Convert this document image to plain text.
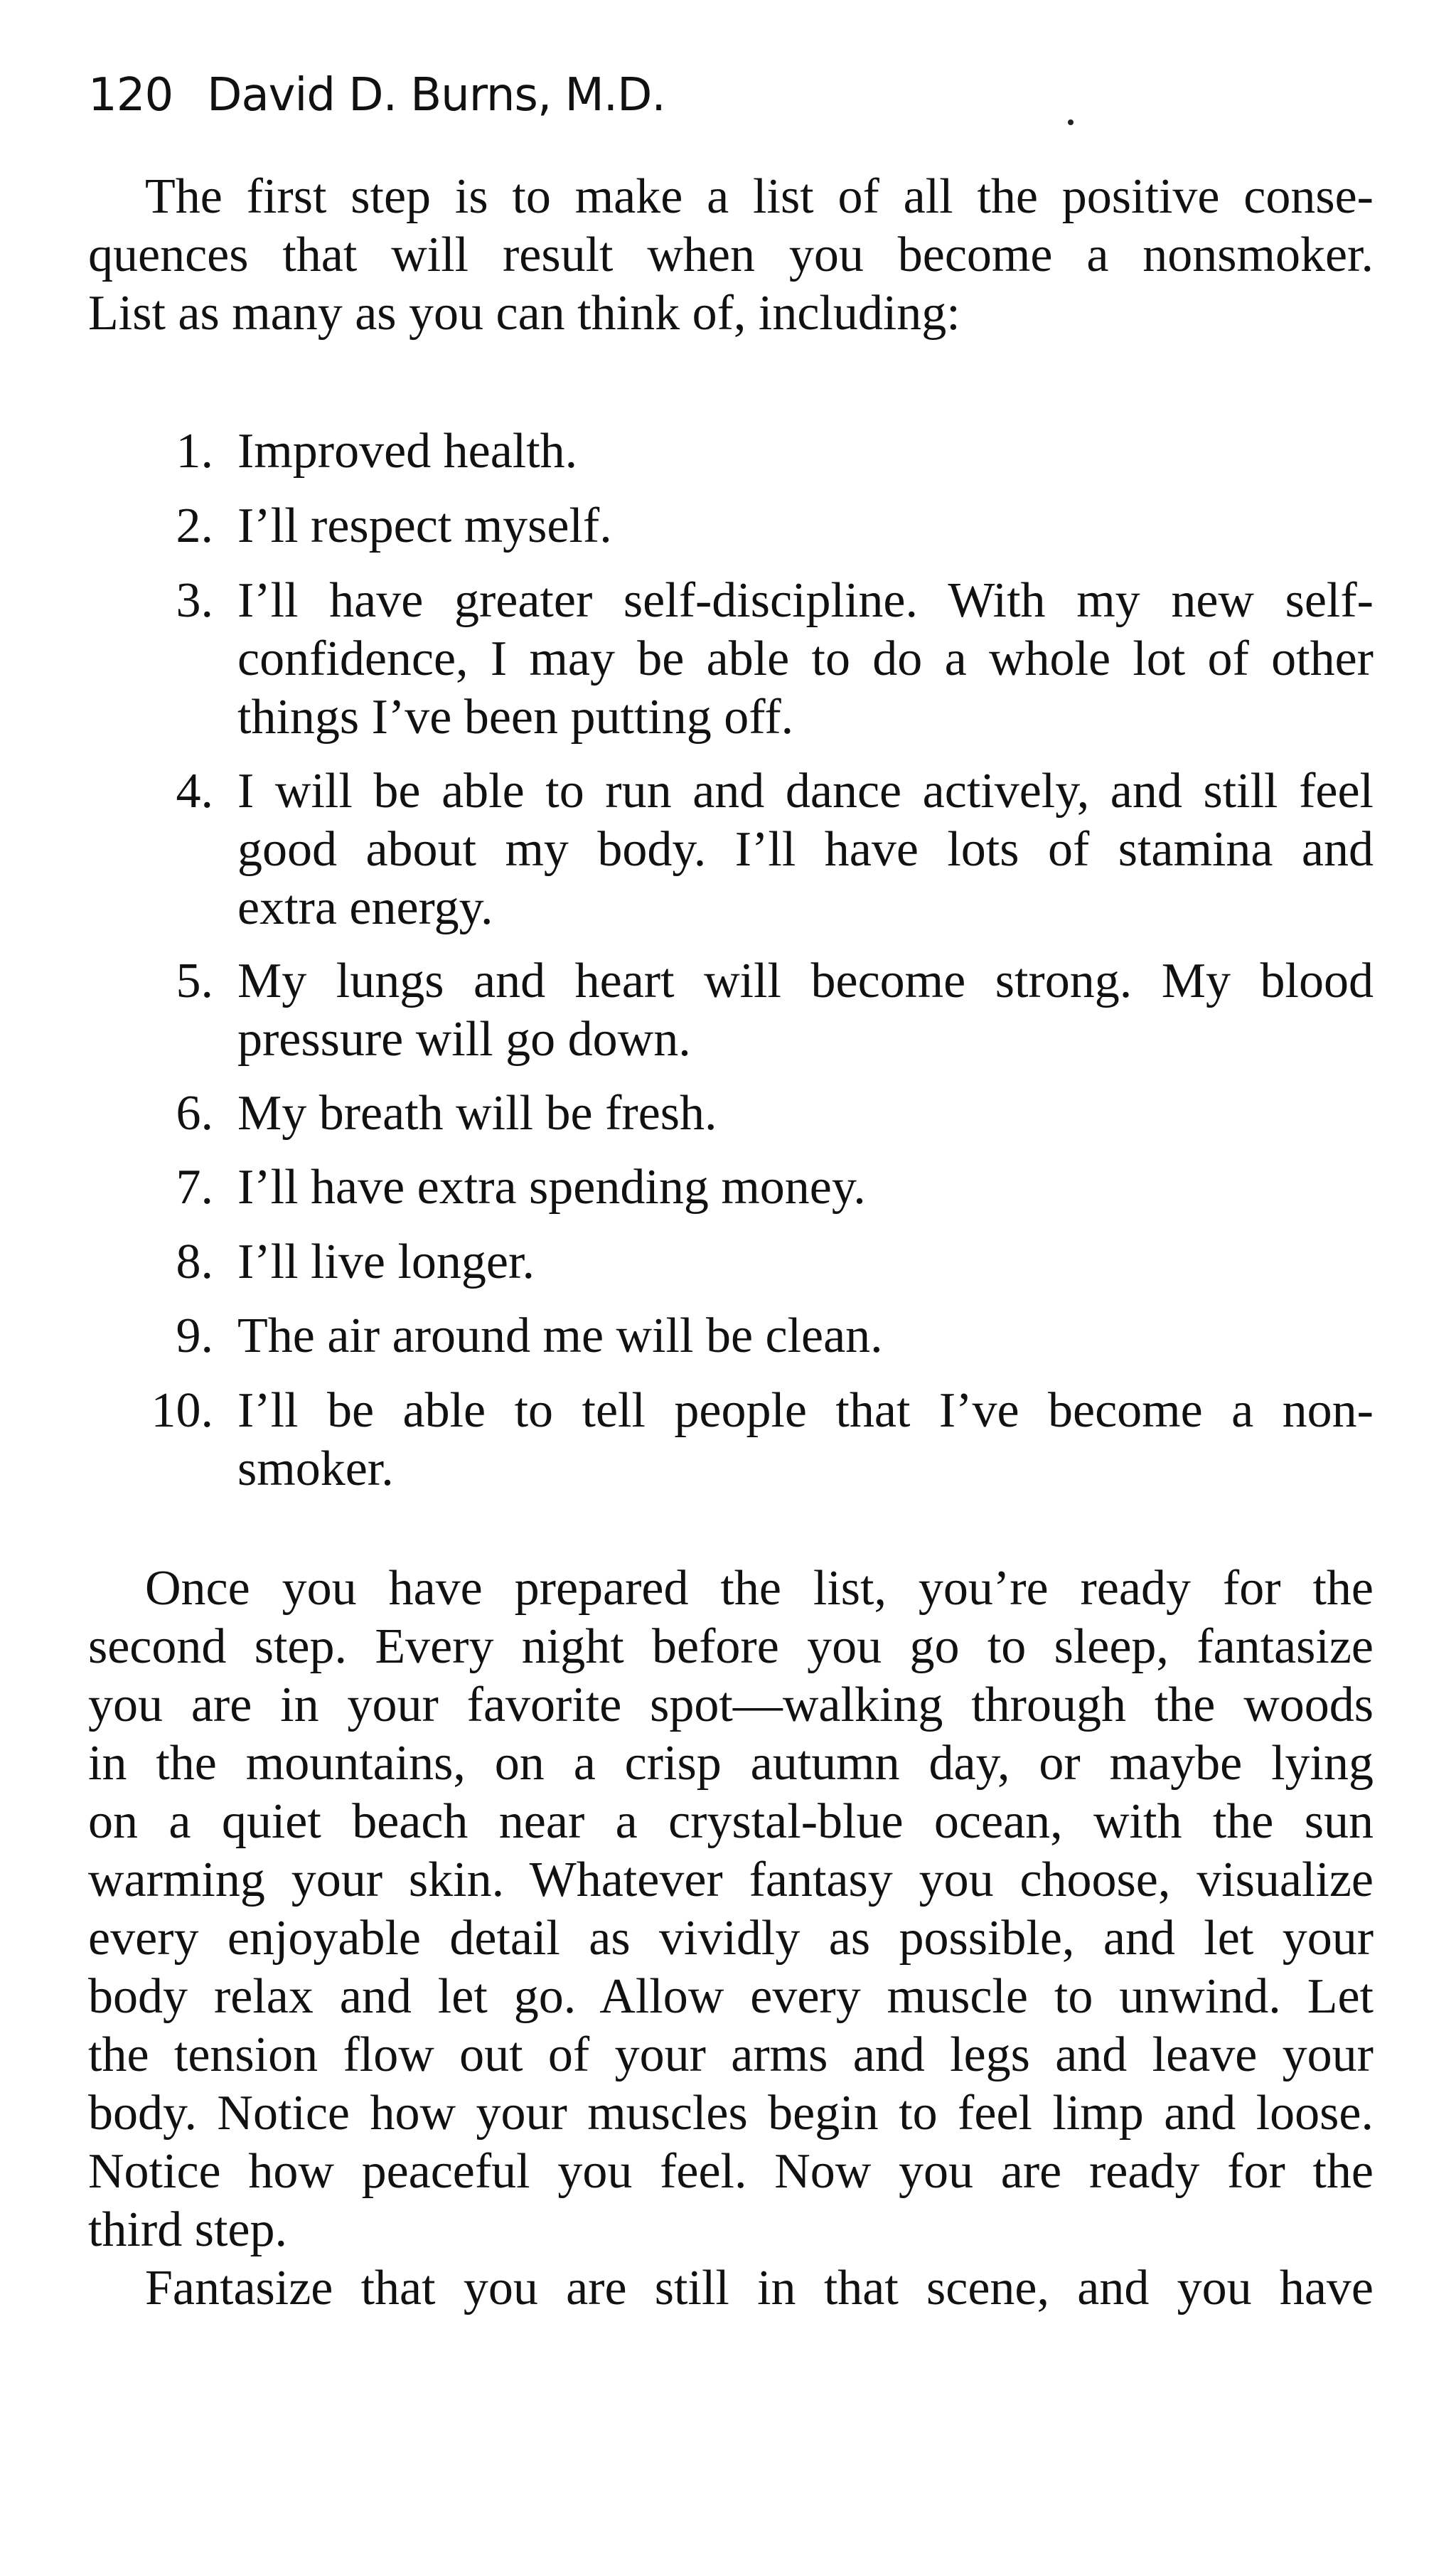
120 David D. Burns, M.D.
The first step is to make a list of all the positive conse-
quences that will result when you become a nonsmoker.
List as many as you can think of, including:
1. Improved health.
2. I’ll respect myself.
3. I’ll have greater self-discipline. With my new self-
confidence, I may be able to do a whole lot of other
things I’ve been putting off.
4. I will be able to run and dance actively, and still feel
good about my body. I’ll have lots of stamina and
extra energy.
5. My lungs and heart will become strong. My blood
pressure will go down.
6. My breath will be fresh.
7. I’ll have extra spending money.
8. I’ll live longer.
9. The air around me will be clean.
10. I’ll be able to tell people that I’ve become a non-
smoker.
Once you have prepared the list, you’re ready for the
second step. Every night before you go to sleep, fantasize
you are in your favorite spot—walking through the woods
in the mountains, on a crisp autumn day, or maybe lying
on a quiet beach near a crystal-blue ocean, with the sun
warming your skin. Whatever fantasy you choose, visualize
every enjoyable detail as vividly as possible, and let your
body relax and let go. Allow every muscle to unwind. Let
the tension flow out of your arms and legs and leave your
body. Notice how your muscles begin to feel limp and loose.
Notice how peaceful you feel. Now you are ready for the
third step.
Fantasize that you are still in that scene, and you have
